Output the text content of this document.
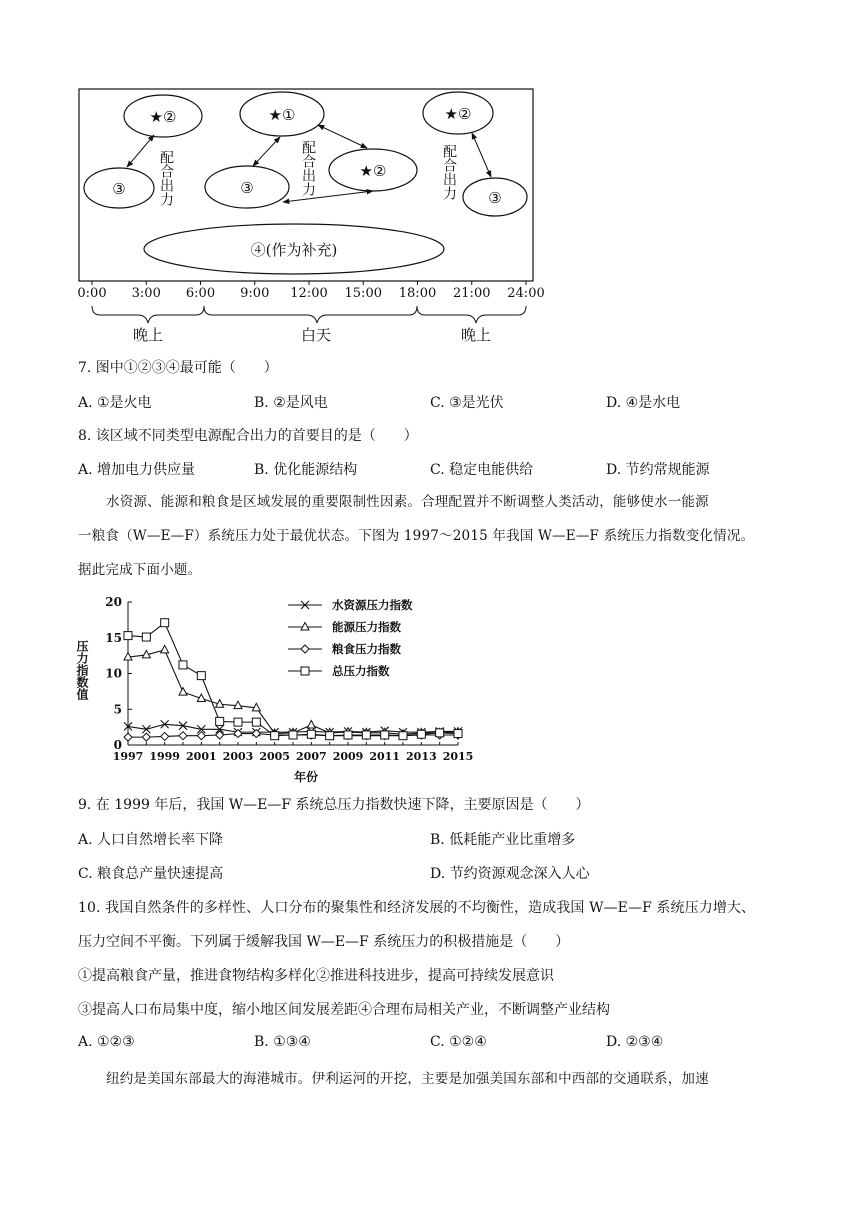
★②
③ 配合出力
★①
③
★②
配合出力
★②
③
配合出力
④(作为补充)
0:00 3:00 6:00 9:00 12:00 15:00 18:00 21:00 24:00
晚上	白天	晚上
7. 图中①②③④最可能（　　）
A. ①是火电	B. ②是风电	C. ③是光伏	D. ④是水电
8. 该区域不同类型电源配合出力的首要目的是（　　）
A. 增加电力供应量	B. 优化能源结构	C. 稳定电能供给	D. 节约常规能源
水资源、能源和粮食是区域发展的重要限制性因素。合理配置并不断调整人类活动，能够使水一能源
一粮食（W—E—F）系统压力处于最优状态。下图为 1997～2015 年我国 W—E—F 系统压力指数变化情况。
据此完成下面小题。
0
5
10
15
20
1997 1999 2001 2003 2005 2007 2009 2011 2013 2015
水资源压力指数
能源压力指数
粮食压力指数
总压力指数
压力指数值
年份
9. 在 1999 年后，我国 W—E—F 系统总压力指数快速下降，主要原因是（　　）
A. 人口自然增长率下降	B. 低耗能产业比重增多
C. 粮食总产量快速提高	D. 节约资源观念深入人心
10. 我国自然条件的多样性、人口分布的聚集性和经济发展的不均衡性，造成我国 W—E—F 系统压力增大、
压力空间不平衡。下列属于缓解我国 W—E—F 系统压力的积极措施是（　　）
①提高粮食产量，推进食物结构多样化②推进科技进步，提高可持续发展意识
③提高人口布局集中度，缩小地区间发展差距④合理布局相关产业，不断调整产业结构
A. ①②③	B. ①③④	C. ①②④	D. ②③④
纽约是美国东部最大的海港城市。伊利运河的开挖，主要是加强美国东部和中西部的交通联系，加速
